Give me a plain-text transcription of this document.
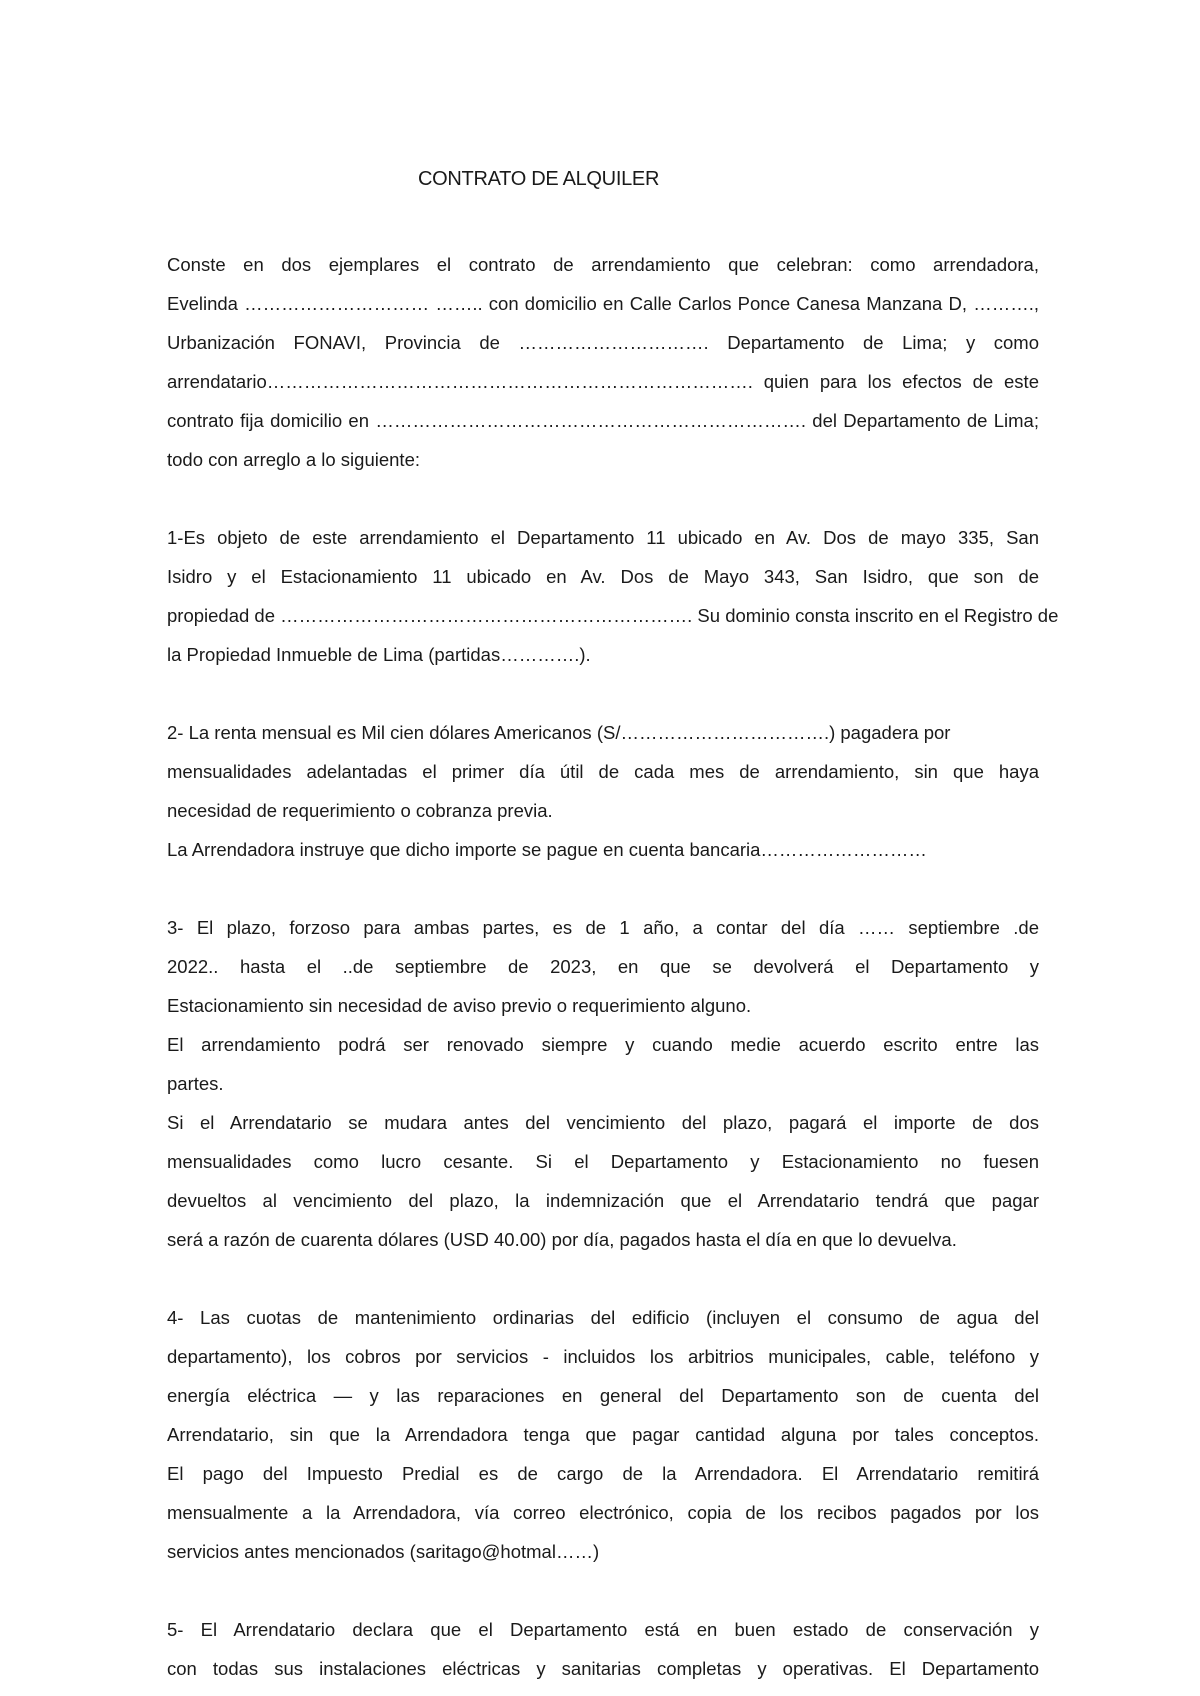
CONTRATO DE ALQUILER
Conste en dos ejemplares el contrato de arrendamiento que celebran: como arrendadora,
Evelinda ………………………… …….. con domicilio en Calle Carlos Ponce Canesa Manzana D, ……….,
Urbanización FONAVI, Provincia de …………………………. Departamento de Lima; y como
arrendatario……………………………………………………………………. quien para los efectos de este
contrato fija domicilio en ……………………………………………………………. del Departamento de Lima;
todo con arreglo a lo siguiente:
1-Es objeto de este arrendamiento el Departamento 11 ubicado en Av. Dos de mayo 335, San
Isidro y el Estacionamiento 11 ubicado en Av. Dos de Mayo 343, San Isidro, que son de
propiedad de …………………………………………………………. Su dominio consta inscrito en el Registro de
la Propiedad Inmueble de Lima (partidas………….).
2- La renta mensual es Mil cien dólares Americanos (S/…………………………….) pagadera por
mensualidades adelantadas el primer día útil de cada mes de arrendamiento, sin que haya
necesidad de requerimiento o cobranza previa.
La Arrendadora instruye que dicho importe se pague en cuenta bancaria………………………
3- El plazo, forzoso para ambas partes, es de 1 año, a contar del día …… septiembre .de
2022.. hasta el ..de septiembre de 2023, en que se devolverá el Departamento y
Estacionamiento sin necesidad de aviso previo o requerimiento alguno.
El arrendamiento podrá ser renovado siempre y cuando medie acuerdo escrito entre las
partes.
Si el Arrendatario se mudara antes del vencimiento del plazo, pagará el importe de dos
mensualidades como lucro cesante. Si el Departamento y Estacionamiento no fuesen
devueltos al vencimiento del plazo, la indemnización que el Arrendatario tendrá que pagar
será a razón de cuarenta dólares (USD 40.00) por día, pagados hasta el día en que lo devuelva.
4- Las cuotas de mantenimiento ordinarias del edificio (incluyen el consumo de agua del
departamento), los cobros por servicios - incluidos los arbitrios municipales, cable, teléfono y
energía eléctrica — y las reparaciones en general del Departamento son de cuenta del
Arrendatario, sin que la Arrendadora tenga que pagar cantidad alguna por tales conceptos.
El pago del Impuesto Predial es de cargo de la Arrendadora. El Arrendatario remitirá
mensualmente a la Arrendadora, vía correo electrónico, copia de los recibos pagados por los
servicios antes mencionados (saritago@hotmal……)
5- El Arrendatario declara que el Departamento está en buen estado de conservación y
con todas sus instalaciones eléctricas y sanitarias completas y operativas. El Departamento
